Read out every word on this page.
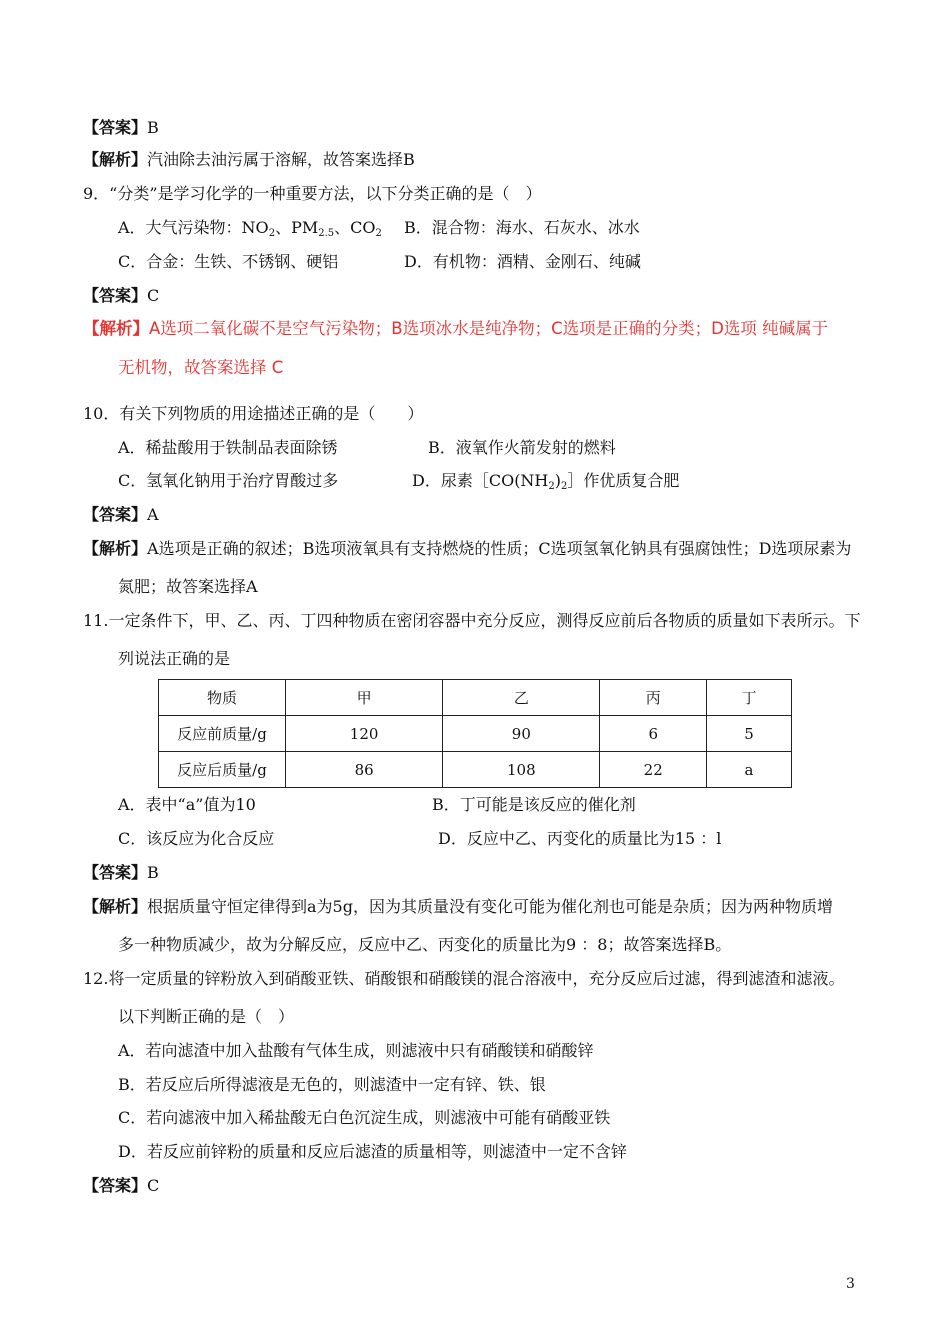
【答案】B
【解析】汽油除去油污属于溶解，故答案选择B
9．“分类”是学习化学的一种重要方法，以下分类正确的是（　）
A．大气污染物：$NO_2$、$PM_{2.5}$、$CO_2$ B．混合物：海水、石灰水、冰水
C．合金：生铁、不锈钢、硬铝	D．有机物：酒精、金刚石、纯碱
【答案】C
【解析】A选项二氧化碳不是空气污染物；B选项冰水是纯净物；C选项是正确的分类；D选项 纯碱属于
无机物，故答案选择 C
10．有关下列物质的用途描述正确的是（　　）
A．稀盐酸用于铁制品表面除锈	B．液氧作火箭发射的燃料
C．氢氧化钠用于治疗胃酸过多	D．尿素$[CO(NH_2)_2]$作优质复合肥
【答案】A
【解析】A选项是正确的叙述；B选项液氧具有支持燃烧的性质；C选项氢氧化钠具有强腐蚀性；D选项尿素为
氮肥；故答案选择A
11.一定条件下，甲、乙、丙、丁四种物质在密闭容器中充分反应，测得反应前后各物质的质量如下表所示。下
列说法正确的是
物质	甲	乙	丙	丁
反应前质量/g	120	90	6	5
反应后质量/g	86	108	22	a
A．表中“a”值为10	B．丁可能是该反应的催化剂
C．该反应为化合反应	D．反应中乙、丙变化的质量比为15 ：l
【答案】B
【解析】根据质量守恒定律得到a为5g，因为其质量没有变化可能为催化剂也可能是杂质；因为两种物质增
多一种物质减少，故为分解反应，反应中乙、丙变化的质量比为9 ：8；故答案选择B。
12.将一定质量的锌粉放入到硝酸亚铁、硝酸银和硝酸镁的混合溶液中，充分反应后过滤，得到滤渣和滤液。
以下判断正确的是（　）
A．若向滤渣中加入盐酸有气体生成，则滤液中只有硝酸镁和硝酸锌
B．若反应后所得滤液是无色的，则滤渣中一定有锌、铁、银
C．若向滤液中加入稀盐酸无白色沉淀生成，则滤液中可能有硝酸亚铁
D．若反应前锌粉的质量和反应后滤渣的质量相等，则滤渣中一定不含锌
【答案】C
3
